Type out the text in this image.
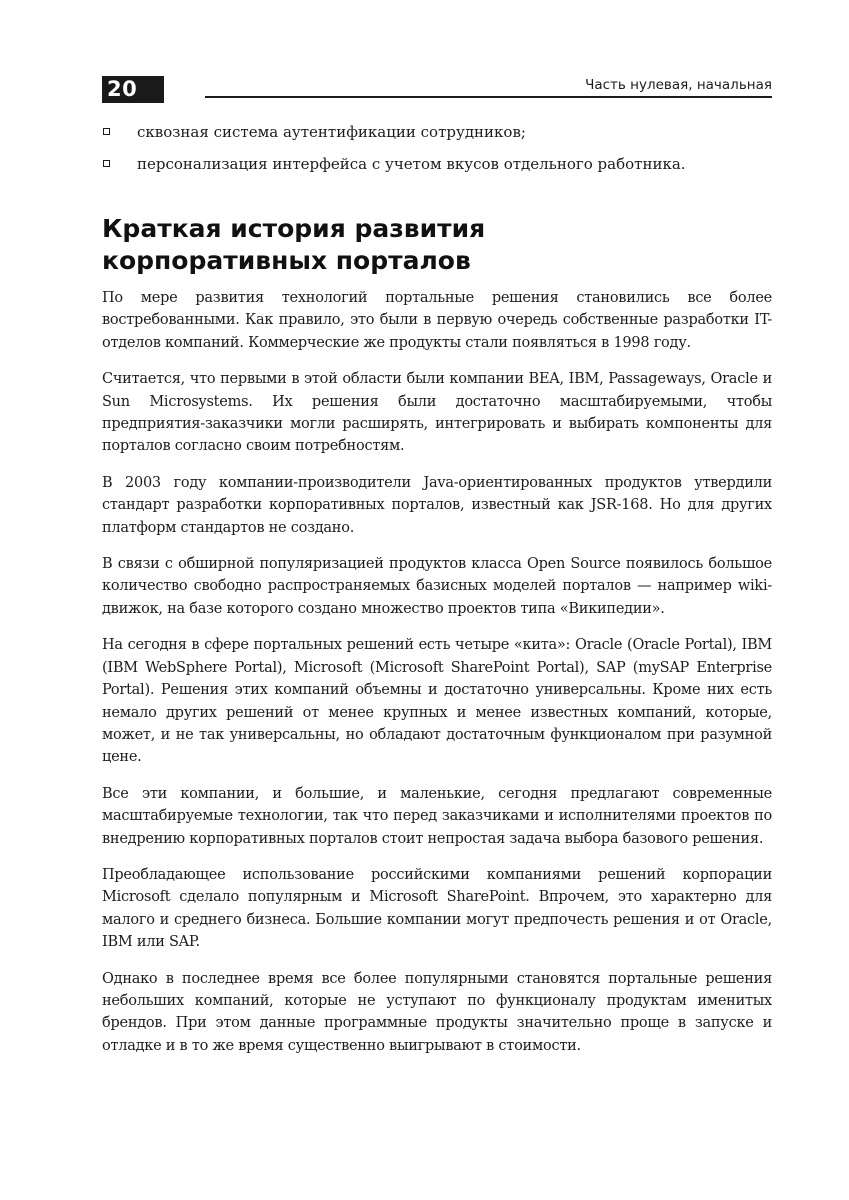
20	Часть нулевая, начальная
сквозная система аутентификации сотрудников;
персонализация интерфейса с учетом вкусов отдельного работника.
Краткая история развития
корпоративных порталов

По мере развития технологий портальные решения становились все более востребованными. Как правило, это были в первую очередь собственные разработки IT-отделов компаний. Коммерческие же продукты стали появляться в 1998 году.

Считается, что первыми в этой области были компании BEA, IBM, Passageways, Oracle и Sun Microsystems. Их решения были достаточно масштабируемыми, чтобы предприятия-заказчики могли расширять, интегрировать и выбирать компоненты для порталов согласно своим потребностям.

В 2003 году компании-производители Java-ориентированных продуктов утвердили стандарт разработки корпоративных порталов, известный как JSR-168. Но для других платформ стандартов не создано.

В связи с обширной популяризацией продуктов класса Open Source появилось большое количество свободно распространяемых базисных моделей порталов — например wiki-движок, на базе которого создано множество проектов типа «Википедии».

На сегодня в сфере портальных решений есть четыре «кита»: Oracle (Oracle Portal), IBM (IBM WebSphere Portal), Microsoft (Microsoft SharePoint Portal), SAP (mySAP Enterprise Portal). Решения этих компаний объемны и достаточно универсальны. Кроме них есть немало других решений от менее крупных и менее известных компаний, которые, может, и не так универсальны, но обладают достаточным функционалом при разумной цене.

Все эти компании, и большие, и маленькие, сегодня предлагают современные масштабируемые технологии, так что перед заказчиками и исполнителями проектов по внедрению корпоративных порталов стоит непростая задача выбора базового решения.

Преобладающее использование российскими компаниями решений корпорации Microsoft сделало популярным и Microsoft SharePoint. Впрочем, это характерно для малого и среднего бизнеса. Большие компании могут предпочесть решения и от Oracle, IBM или SAP.

Однако в последнее время все более популярными становятся портальные решения небольших компаний, которые не уступают по функционалу продуктам именитых брендов. При этом данные программные продукты значительно проще в запуске и отладке и в то же время существенно выигрывают в стоимости.
